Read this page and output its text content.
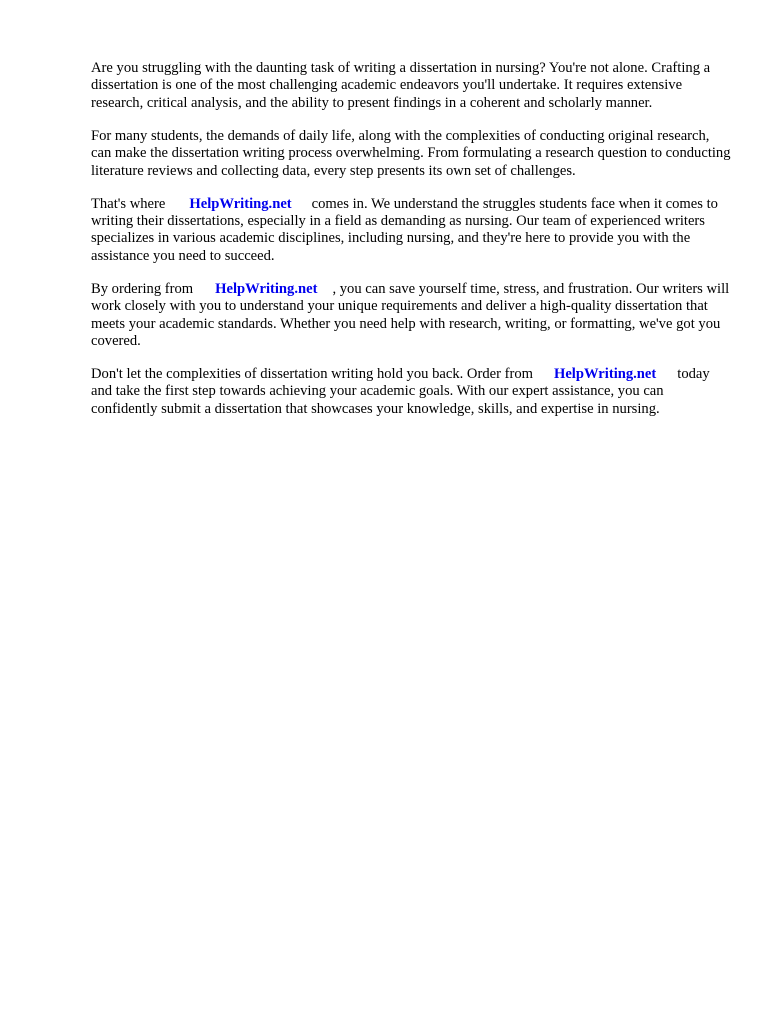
Are you struggling with the daunting task of writing a dissertation in nursing? You're not alone. Crafting a dissertation is one of the most challenging academic endeavors you'll undertake. It requires extensive research, critical analysis, and the ability to present findings in a coherent and scholarly manner.

For many students, the demands of daily life, along with the complexities of conducting original research, can make the dissertation writing process overwhelming. From formulating a research question to conducting literature reviews and collecting data, every step presents its own set of challenges.

That's where HelpWriting.net comes in. We understand the struggles students face when it comes to writing their dissertations, especially in a field as demanding as nursing. Our team of experienced writers specializes in various academic disciplines, including nursing, and they're here to provide you with the assistance you need to succeed.

By ordering from HelpWriting.net , you can save yourself time, stress, and frustration. Our writers will work closely with you to understand your unique requirements and deliver a high-quality dissertation that meets your academic standards. Whether you need help with research, writing, or formatting, we've got you covered.

Don't let the complexities of dissertation writing hold you back. Order from HelpWriting.net today and take the first step towards achieving your academic goals. With our expert assistance, you can confidently submit a dissertation that showcases your knowledge, skills, and expertise in nursing.
